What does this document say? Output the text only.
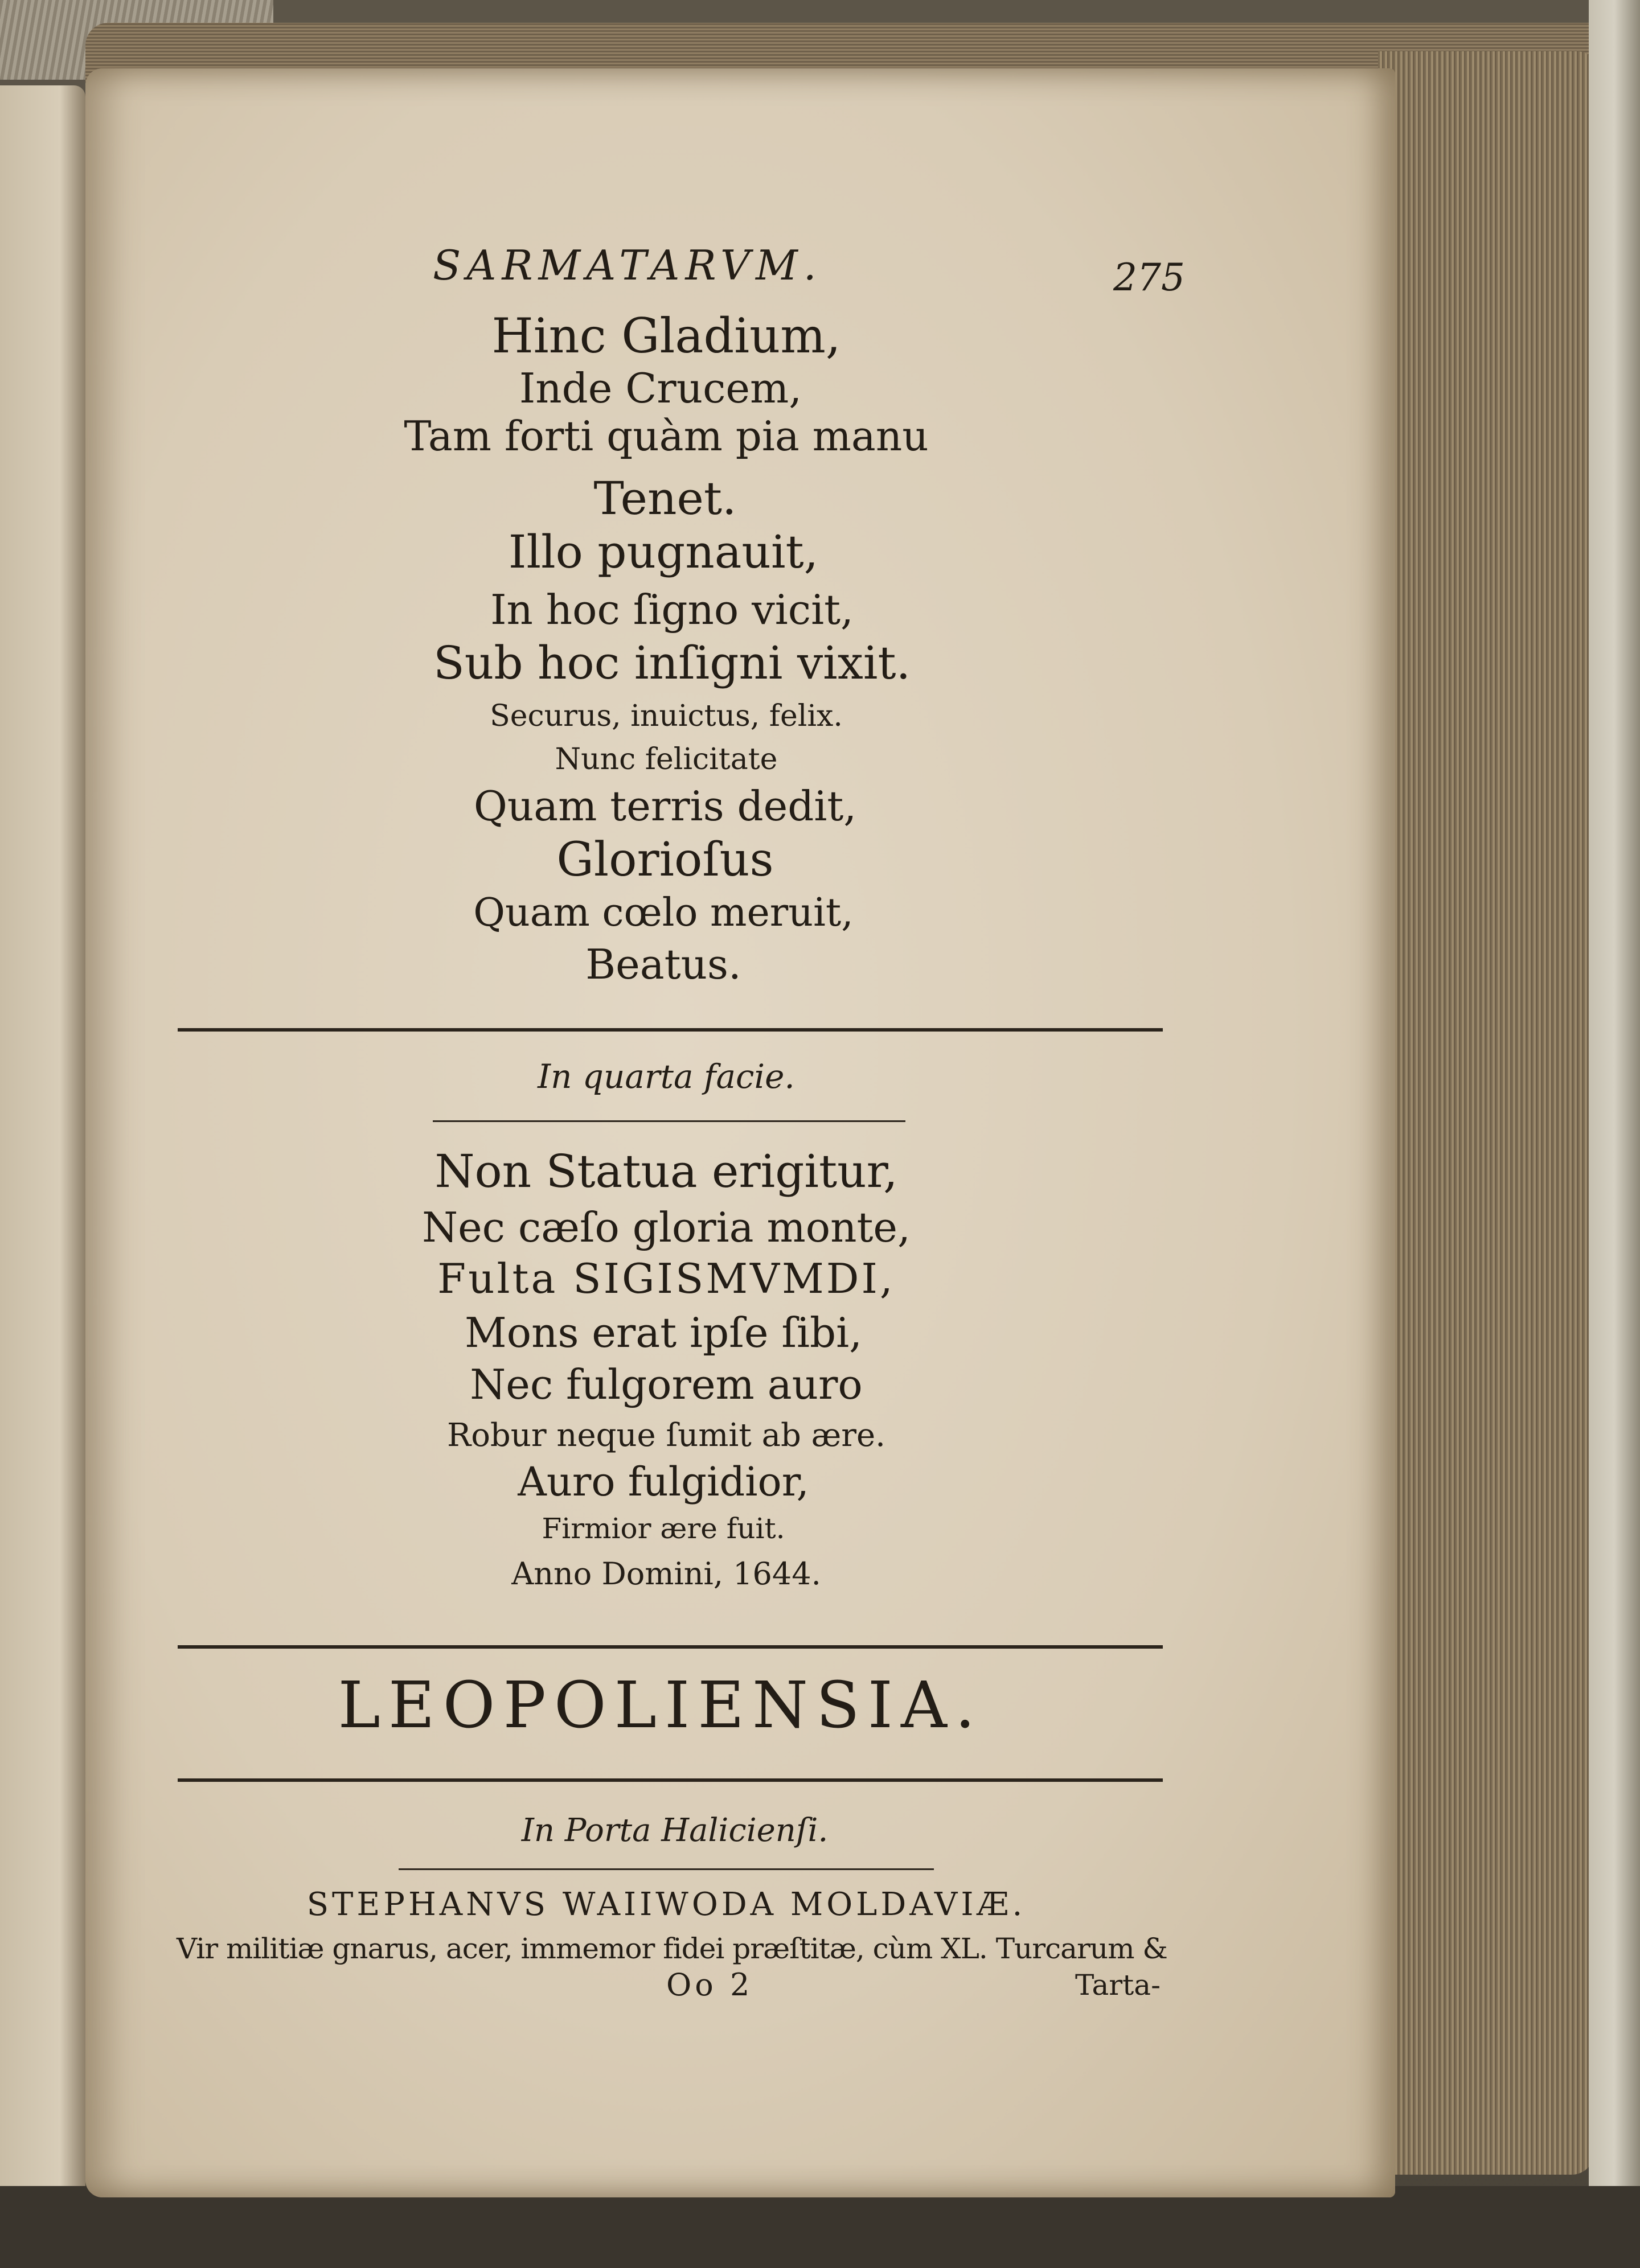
SARMATARVM.	275
Hinc Gladium,
Inde Crucem,
Tam forti quàm pia manu
Tenet.
Illo pugnauit,
In hoc ſigno vicit,
Sub hoc inſigni vixit.
Securus, inuictus, felix.
Nunc felicitate
Quam terris dedit,
Glorioſus
Quam cœlo meruit,
Beatus.
In quarta facie.
Non Statua erigitur,
Nec cæſo gloria monte,
Fulta SIGISMVMDI,
Mons erat ipſe ſibi,
Nec fulgorem auro
Robur neque ſumit ab ære.
Auro fulgidior,
Firmior ære fuit.
Anno Domini, 1644.
LEOPOLIENSIA.
In Porta Halicienſi.
STEPHANVS WAIIWODA MOLDAVIÆ.
Vir militiæ gnarus, acer, immemor fidei præſtitæ, cùm XL. Turcarum &
Oo 2	Tarta-
